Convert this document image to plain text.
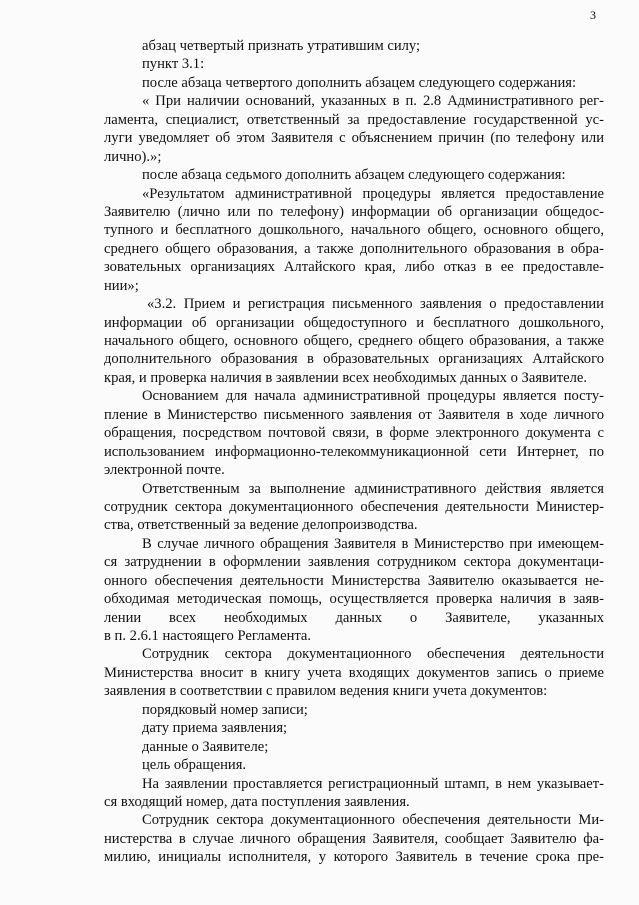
3
абзац четвертый признать утратившим силу;
пункт 3.1:
после абзаца четвертого дополнить абзацем следующего содержания:
« При наличии оснований, указанных в п. 2.8 Административного рег-
ламента, специалист, ответственный за предоставление государственной ус-
луги уведомляет об этом Заявителя с объяснением причин (по телефону или
лично).»;
после абзаца седьмого дополнить абзацем следующего содержания:
«Результатом административной процедуры является предоставление
Заявителю (лично или по телефону) информации об организации общедос-
тупного и бесплатного дошкольного, начального общего, основного общего,
среднего общего образования, а также дополнительного образования в обра-
зовательных организациях Алтайского края, либо отказ в ее предоставле-
нии»;
«3.2. Прием и регистрация письменного заявления о предоставлении
информации об организации общедоступного и бесплатного дошкольного,
начального общего, основного общего, среднего общего образования, а также
дополнительного образования в образовательных организациях Алтайского
края, и проверка наличия в заявлении всех необходимых данных о Заявителе.
Основанием для начала административной процедуры является посту-
пление в Министерство письменного заявления от Заявителя в ходе личного
обращения, посредством почтовой связи, в форме электронного документа с
использованием информационно-телекоммуникационной сети Интернет, по
электронной почте.
Ответственным за выполнение административного действия является
сотрудник сектора документационного обеспечения деятельности Министер-
ства, ответственный за ведение делопроизводства.
В случае личного обращения Заявителя в Министерство при имеющем-
ся затруднении в оформлении заявления сотрудником сектора документаци-
онного обеспечения деятельности Министерства Заявителю оказывается не-
обходимая методическая помощь, осуществляется проверка наличия в заяв-
лении всех необходимых данных о Заявителе, указанных
в п. 2.6.1 настоящего Регламента.
Сотрудник сектора документационного обеспечения деятельности
Министерства вносит в книгу учета входящих документов запись о приеме
заявления в соответствии с правилом ведения книги учета документов:
порядковый номер записи;
дату приема заявления;
данные о Заявителе;
цель обращения.
На заявлении проставляется регистрационный штамп, в нем указывает-
ся входящий номер, дата поступления заявления.
Сотрудник сектора документационного обеспечения деятельности Ми-
нистерства в случае личного обращения Заявителя, сообщает Заявителю фа-
милию, инициалы исполнителя, у которого Заявитель в течение срока пре-
